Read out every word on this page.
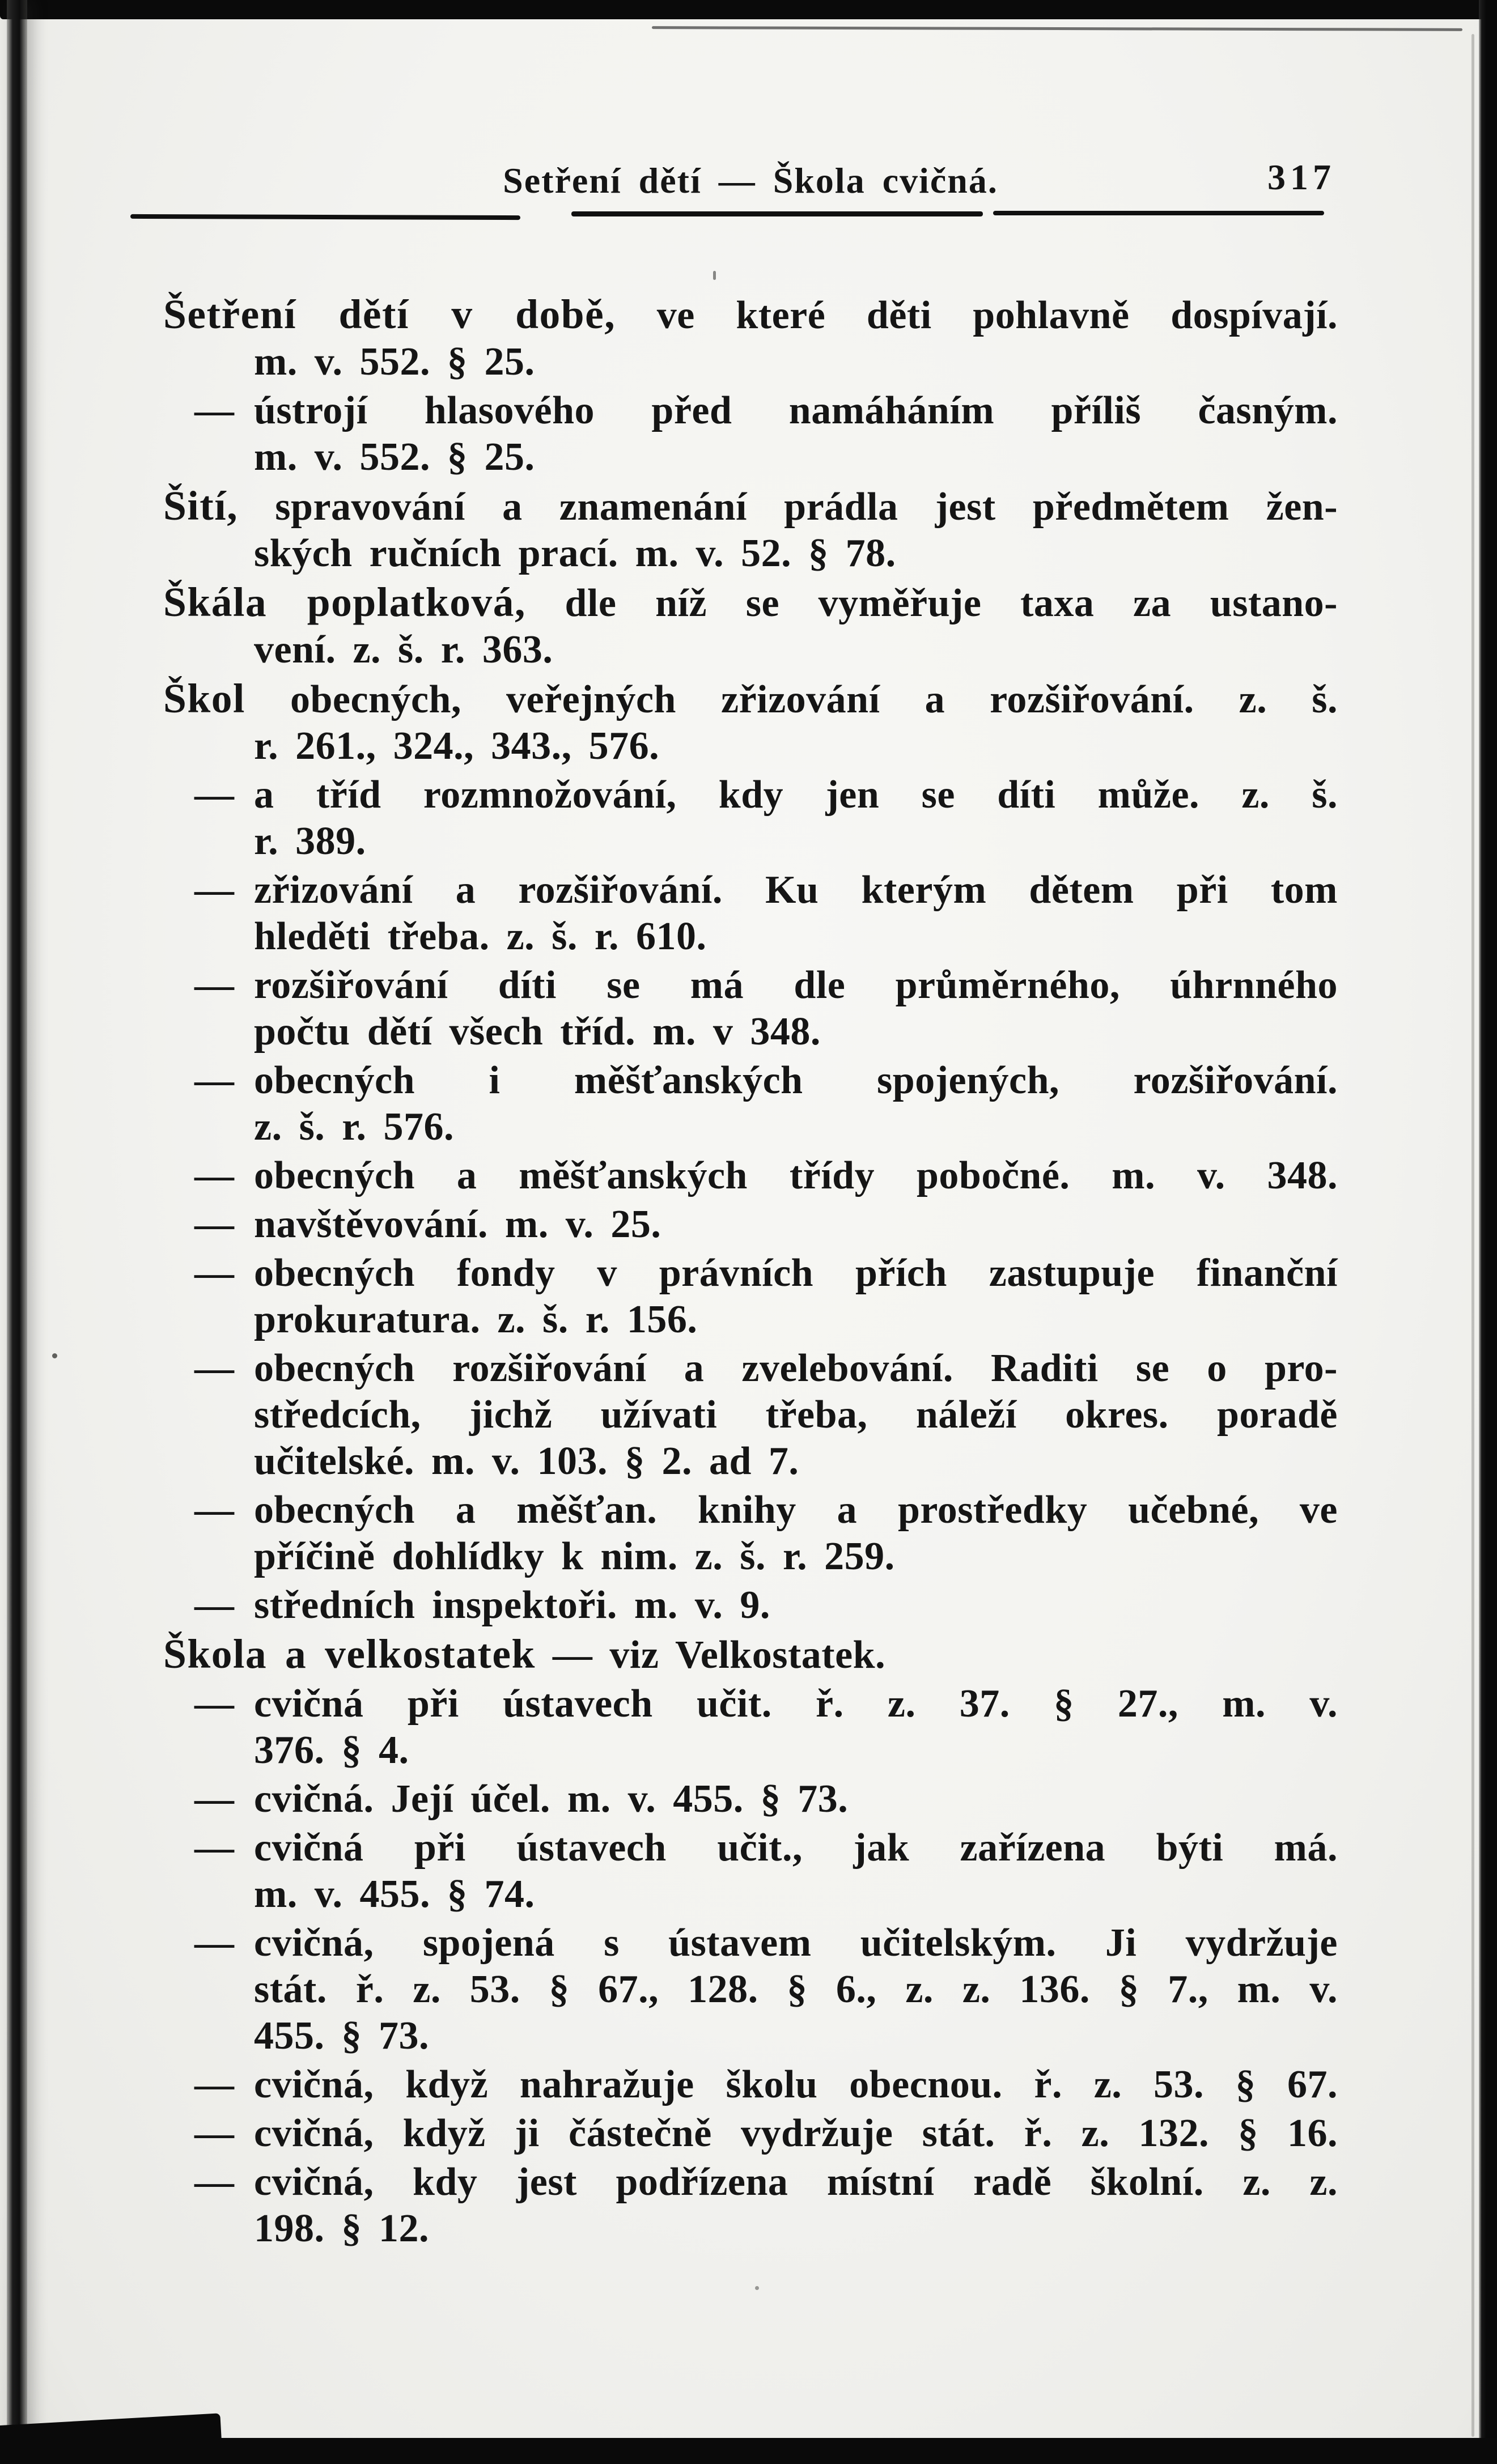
Setření dětí — Škola cvičná.	317
Šetření dětí v době, ve které děti pohlavně dospívají.
m. v. 552. § 25.
— ústrojí hlasového před namáháním příliš časným.
m. v. 552. § 25.
Šití, spravování a znamenání prádla jest předmětem žen-
ských ručních prací. m. v. 52. § 78.
Škála poplatková, dle níž se vyměřuje taxa za ustano-
vení. z. š. r. 363.
Škol obecných, veřejných zřizování a rozšiřování. z. š.
r. 261., 324., 343., 576.
— a tříd rozmnožování, kdy jen se díti může. z. š.
r. 389.
— zřizování a rozšiřování. Ku kterým dětem při tom
hleděti třeba. z. š. r. 610.
— rozšiřování díti se má dle průměrného, úhrnného
počtu dětí všech tříd. m. v 348.
— obecných i měšťanských spojených, rozšiřování.
z. š. r. 576.
— obecných a měšťanských třídy pobočné. m. v. 348.
— navštěvování. m. v. 25.
— obecných fondy v právních přích zastupuje finanční
prokuratura. z. š. r. 156.
— obecných rozšiřování a zvelebování. Raditi se o pro-
středcích, jichž užívati třeba, náleží okres. poradě
učitelské. m. v. 103. § 2. ad 7.
— obecných a měšťan. knihy a prostředky učebné, ve
příčině dohlídky k nim. z. š. r. 259.
— středních inspektoři. m. v. 9.
Škola a velkostatek — viz Velkostatek.
— cvičná při ústavech učit. ř. z. 37. § 27., m. v.
376. § 4.
— cvičná. Její účel. m. v. 455. § 73.
— cvičná při ústavech učit., jak zařízena býti má.
m. v. 455. § 74.
— cvičná, spojená s ústavem učitelským. Ji vydržuje
stát. ř. z. 53. § 67., 128. § 6., z. z. 136. § 7., m. v.
455. § 73.
— cvičná, když nahražuje školu obecnou. ř. z. 53. § 67.
— cvičná, když ji částečně vydržuje stát. ř. z. 132. § 16.
— cvičná, kdy jest podřízena místní radě školní. z. z.
198. § 12.
